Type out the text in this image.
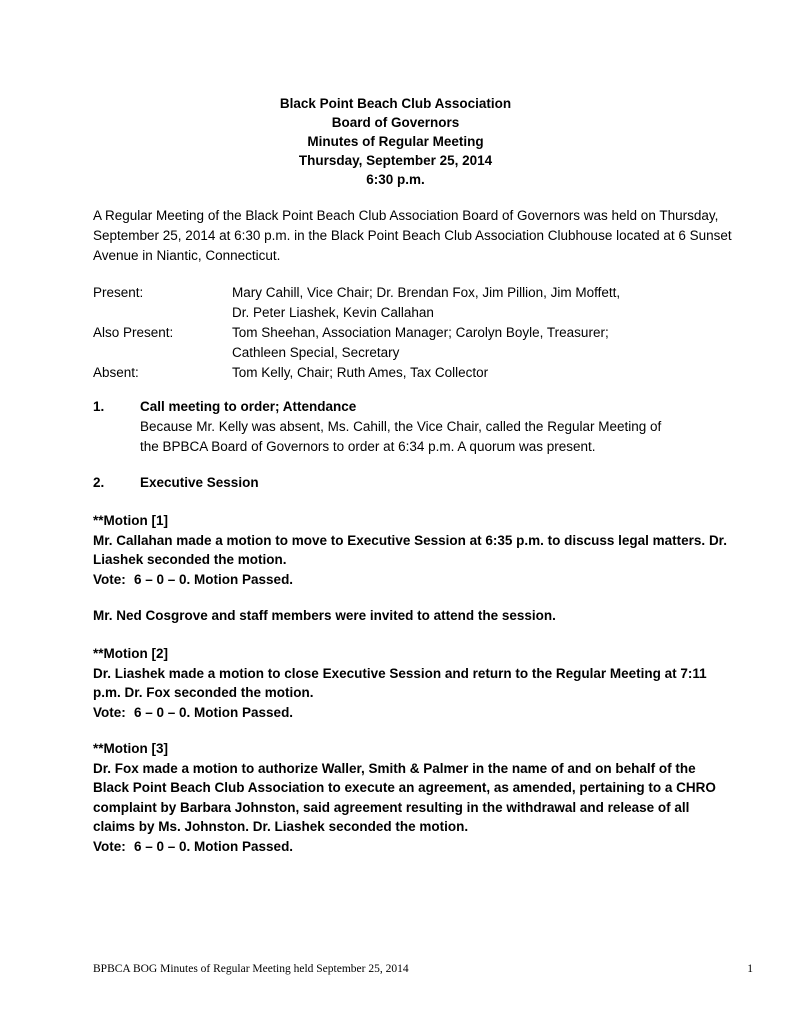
Black Point Beach Club Association
Board of Governors
Minutes of Regular Meeting
Thursday, September 25, 2014
6:30 p.m.
A Regular Meeting of the Black Point Beach Club Association Board of Governors was held on Thursday, September 25, 2014 at 6:30 p.m. in the Black Point Beach Club Association Clubhouse located at 6 Sunset Avenue in Niantic, Connecticut.
Present:	Mary Cahill, Vice Chair; Dr. Brendan Fox, Jim Pillion, Jim Moffett,
Dr. Peter Liashek, Kevin Callahan
Also Present:	Tom Sheehan, Association Manager; Carolyn Boyle, Treasurer;
Cathleen Special, Secretary
Absent:	Tom Kelly, Chair; Ruth Ames, Tax Collector
1.	Call meeting to order; Attendance
Because Mr. Kelly was absent, Ms. Cahill, the Vice Chair, called the Regular Meeting of the BPBCA Board of Governors to order at 6:34 p.m. A quorum was present.
2.	Executive Session
**Motion [1]
Mr. Callahan made a motion to move to Executive Session at 6:35 p.m. to discuss legal matters. Dr. Liashek seconded the motion.
Vote: 6 – 0 – 0. Motion Passed.
Mr. Ned Cosgrove and staff members were invited to attend the session.
**Motion [2]
Dr. Liashek made a motion to close Executive Session and return to the Regular Meeting at 7:11 p.m. Dr. Fox seconded the motion.
Vote: 6 – 0 – 0. Motion Passed.
**Motion [3]
Dr. Fox made a motion to authorize Waller, Smith & Palmer in the name of and on behalf of the Black Point Beach Club Association to execute an agreement, as amended, pertaining to a CHRO complaint by Barbara Johnston, said agreement resulting in the withdrawal and release of all claims by Ms. Johnston. Dr. Liashek seconded the motion.
Vote: 6 – 0 – 0. Motion Passed.
BPBCA BOG Minutes of Regular Meeting held September 25, 2014	1
